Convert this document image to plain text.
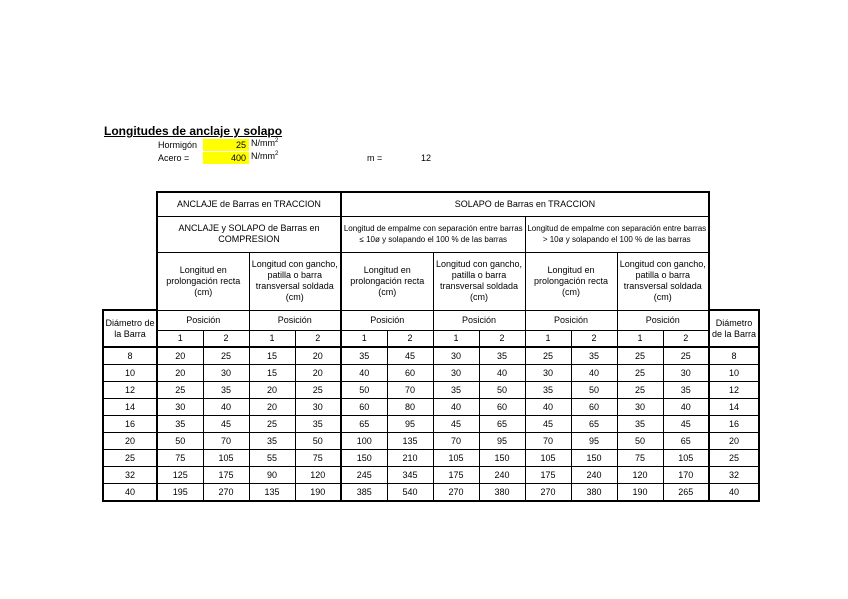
Longitudes de anclaje y solapo
Hormigón	25 $N/mm^2$
Acero =	400 $N/mm^2$	m =	12
	ANCLAJE de Barras en TRACCION				SOLAPO de Barras en TRACCION								
	ANCLAJE y SOLAPO de Barras en COMPRESION				Longitud de empalme con separación entre barras ≤ 10ø y solapando el 100 % de las barras				Longitud de empalme con separación entre barras > 10ø y solapando el 100 % de las barras				
	Longitud en prolongación recta (cm)		Longitud con gancho, patilla o barra transversal soldada (cm)		Longitud en prolongación recta (cm)		Longitud con gancho, patilla o barra transversal soldada (cm)		Longitud en prolongación recta (cm)		Longitud con gancho, patilla o barra transversal soldada (cm)		
Diámetro de la Barra	Posición		Posición		Posición		Posición		Posición		Posición		Diámetro de la Barra
	1	2	1	2	1	2	1	2	1	2	1	2	
8	20	25	15	20	35	45	30	35	25	35	25	25	8
10	20	30	15	20	40	60	30	40	30	40	25	30	10
12	25	35	20	25	50	70	35	50	35	50	25	35	12
14	30	40	20	30	60	80	40	60	40	60	30	40	14
16	35	45	25	35	65	95	45	65	45	65	35	45	16
20	50	70	35	50	100	135	70	95	70	95	50	65	20
25	75	105	55	75	150	210	105	150	105	150	75	105	25
32	125	175	90	120	245	345	175	240	175	240	120	170	32
40	195	270	135	190	385	540	270	380	270	380	190	265	40
